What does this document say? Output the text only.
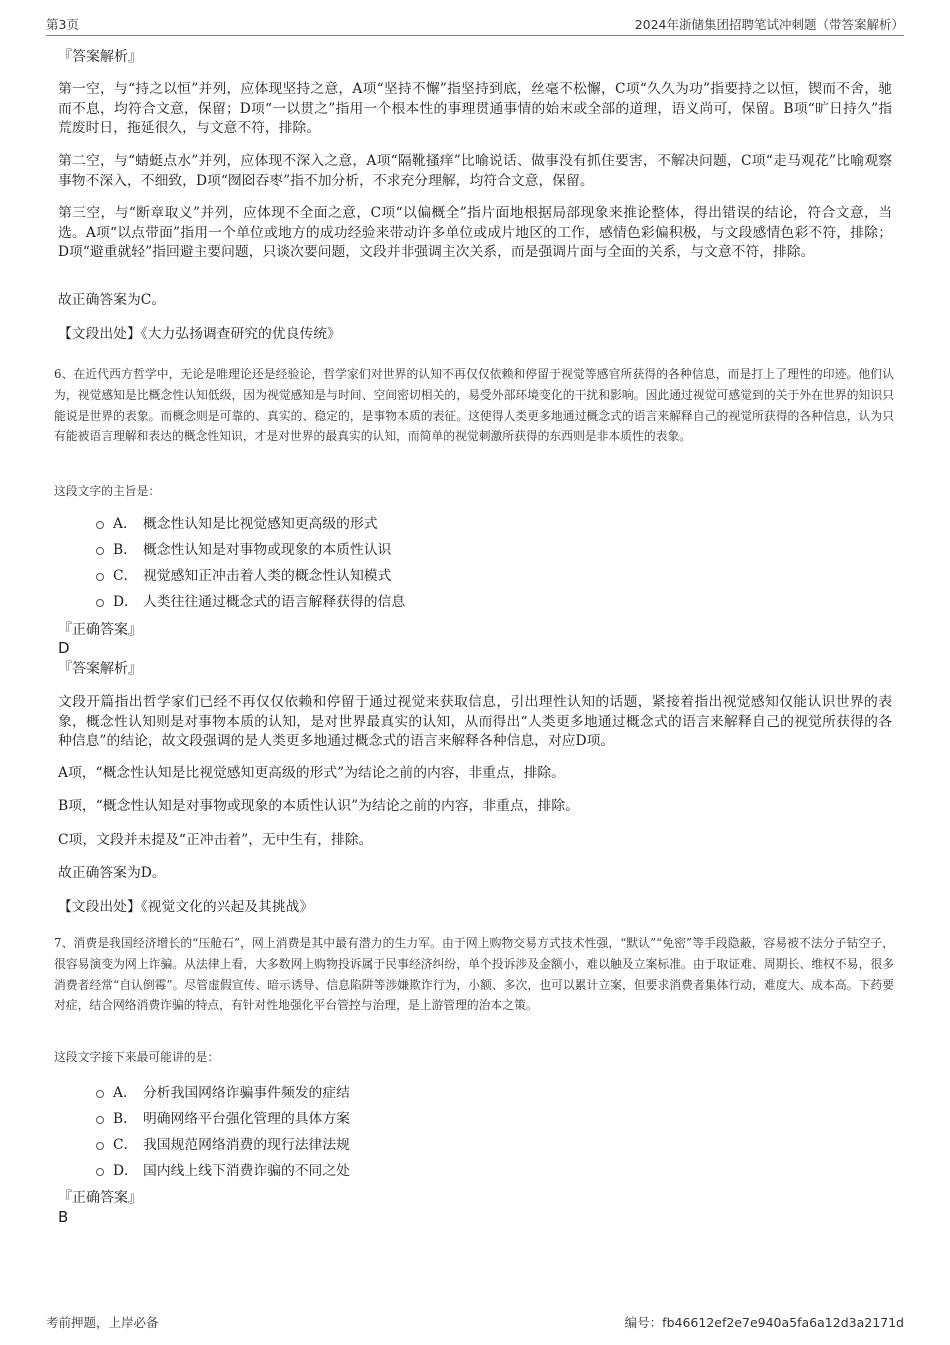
第3页	2024年浙储集团招聘笔试冲刺题（带答案解析）

『答案解析』

第一空，与“持之以恒”并列，应体现坚持之意，A项“坚持不懈”指坚持到底，丝毫不松懈，C项“久久为功”指要持之以恒，锲而不舍，驰而不息，均符合文意，保留；D项“一以贯之”指用一个根本性的事理贯通事情的始末或全部的道理，语义尚可，保留。B项“旷日持久”指荒废时日，拖延很久，与文意不符，排除。

第二空，与“蜻蜓点水”并列，应体现不深入之意，A项“隔靴搔痒”比喻说话、做事没有抓住要害，不解决问题，C项“走马观花”比喻观察事物不深入，不细致，D项“囫囵吞枣”指不加分析，不求充分理解，均符合文意，保留。

第三空，与“断章取义”并列，应体现不全面之意，C项“以偏概全”指片面地根据局部现象来推论整体，得出错误的结论，符合文意，当选。A项“以点带面”指用一个单位或地方的成功经验来带动许多单位或成片地区的工作，感情色彩偏积极，与文段感情色彩不符，排除；D项“避重就轻”指回避主要问题，只谈次要问题，文段并非强调主次关系，而是强调片面与全面的关系，与文意不符，排除。

故正确答案为C。

【文段出处】《大力弘扬调查研究的优良传统》

6、在近代西方哲学中，无论是唯理论还是经验论，哲学家们对世界的认知不再仅仅依赖和停留于视觉等感官所获得的各种信息，而是打上了理性的印迹。他们认为，视觉感知是比概念性认知低级，因为视觉感知是与时间、空间密切相关的，易受外部环境变化的干扰和影响。因此通过视觉可感觉到的关于外在世界的知识只能说是世界的表象。而概念则是可靠的、真实的、稳定的，是事物本质的表征。这使得人类更多地通过概念式的语言来解释自己的视觉所获得的各种信息，认为只有能被语言理解和表达的概念性知识，才是对世界的最真实的认知，而简单的视觉刺激所获得的东西则是非本质性的表象。

这段文字的主旨是：

A． 概念性认知是比视觉感知更高级的形式
B． 概念性认知是对事物或现象的本质性认识
C． 视觉感知正冲击着人类的概念性认知模式
D． 人类往往通过概念式的语言解释获得的信息

『正确答案』

D

『答案解析』

文段开篇指出哲学家们已经不再仅仅依赖和停留于通过视觉来获取信息，引出理性认知的话题，紧接着指出视觉感知仅能认识世界的表象，概念性认知则是对事物本质的认知，是对世界最真实的认知，从而得出“人类更多地通过概念式的语言来解释自己的视觉所获得的各种信息”的结论，故文段强调的是人类更多地通过概念式的语言来解释各种信息，对应D项。

A项，“概念性认知是比视觉感知更高级的形式”为结论之前的内容，非重点，排除。

B项，“概念性认知是对事物或现象的本质性认识”为结论之前的内容，非重点，排除。

C项，文段并未提及“正冲击着”，无中生有，排除。

故正确答案为D。

【文段出处】《视觉文化的兴起及其挑战》

7、消费是我国经济增长的“压舱石”，网上消费是其中最有潜力的生力军。由于网上购物交易方式技术性强，“默认”“免密”等手段隐蔽，容易被不法分子钻空子，很容易演变为网上诈骗。从法律上看，大多数网上购物投诉属于民事经济纠纷，单个投诉涉及金额小，难以触及立案标准。由于取证难、周期长、维权不易，很多消费者经常“自认倒霉”。尽管虚假宣传、暗示诱导、信息陷阱等涉嫌欺诈行为，小额、多次，也可以累计立案，但要求消费者集体行动，难度大、成本高。下药要对症，结合网络消费诈骗的特点，有针对性地强化平台管控与治理，是上游管理的治本之策。

这段文字接下来最可能讲的是：

A． 分析我国网络诈骗事件频发的症结
B． 明确网络平台强化管理的具体方案
C． 我国规范网络消费的现行法律法规
D． 国内线上线下消费诈骗的不同之处

『正确答案』

B

考前押题，上岸必备	编号：fb46612ef2e7e940a5fa6a12d3a2171d
